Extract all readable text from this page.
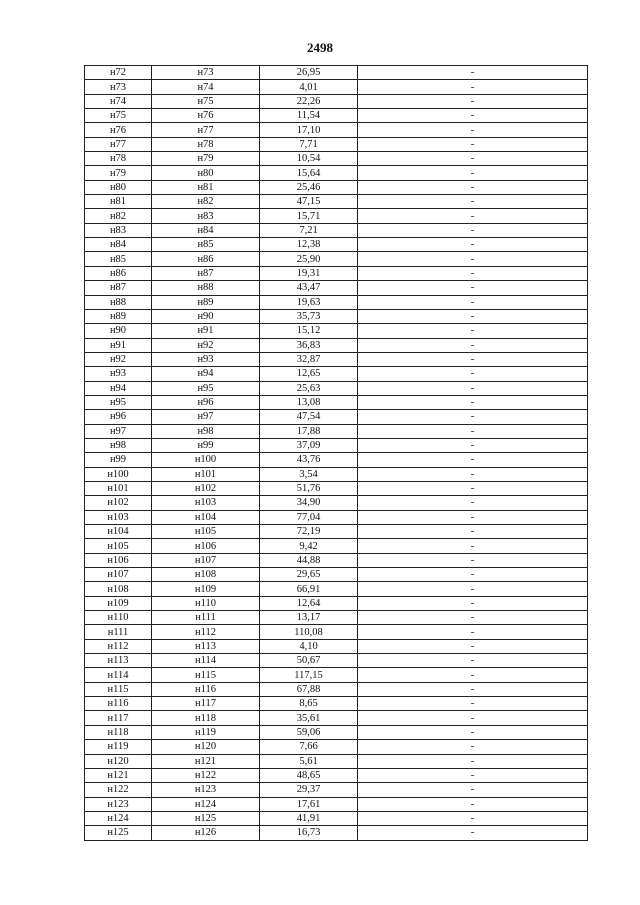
2498
н72	н73	26,95	-
н73	н74	4,01	-
н74	н75	22,26	-
н75	н76	11,54	-
н76	н77	17,10	-
н77	н78	7,71	-
н78	н79	10,54	-
н79	н80	15,64	-
н80	н81	25,46	-
н81	н82	47,15	-
н82	н83	15,71	-
н83	н84	7,21	-
н84	н85	12,38	-
н85	н86	25,90	-
н86	н87	19,31	-
н87	н88	43,47	-
н88	н89	19,63	-
н89	н90	35,73	-
н90	н91	15,12	-
н91	н92	36,83	-
н92	н93	32,87	-
н93	н94	12,65	-
н94	н95	25,63	-
н95	н96	13,08	-
н96	н97	47,54	-
н97	н98	17,88	-
н98	н99	37,09	-
н99	н100	43,76	-
н100	н101	3,54	-
н101	н102	51,76	-
н102	н103	34,90	-
н103	н104	77,04	-
н104	н105	72,19	-
н105	н106	9,42	-
н106	н107	44,88	-
н107	н108	29,65	-
н108	н109	66,91	-
н109	н110	12,64	-
н110	н111	13,17	-
н111	н112	110,08	-
н112	н113	4,10	-
н113	н114	50,67	-
н114	н115	117,15	-
н115	н116	67,88	-
н116	н117	8,65	-
н117	н118	35,61	-
н118	н119	59,06	-
н119	н120	7,66	-
н120	н121	5,61	-
н121	н122	48,65	-
н122	н123	29,37	-
н123	н124	17,61	-
н124	н125	41,91	-
н125	н126	16,73	-
